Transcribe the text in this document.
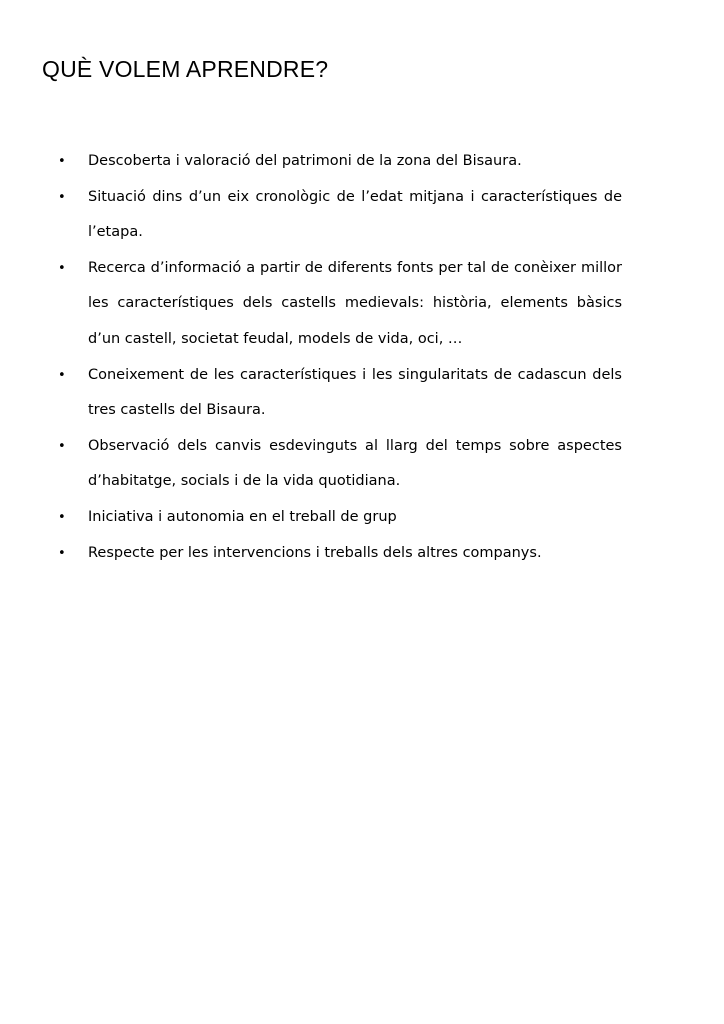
QUÈ VOLEM APRENDRE?
• Descoberta i valoració del patrimoni de la zona del Bisaura.
• Situació dins d’un eix cronològic de l’edat mitjana i característiques de l’etapa.
• Recerca d’informació a partir de diferents fonts per tal de conèixer millor les característiques dels castells medievals: història, elements bàsics d’un castell, societat feudal, models de vida, oci, …
• Coneixement de les característiques i les singularitats de cadascun dels tres castells del Bisaura.
• Observació dels canvis esdevinguts al llarg del temps sobre aspectes d’habitatge, socials i de la vida quotidiana.
• Iniciativa i autonomia en el treball de grup
• Respecte per les intervencions i treballs dels altres companys.
